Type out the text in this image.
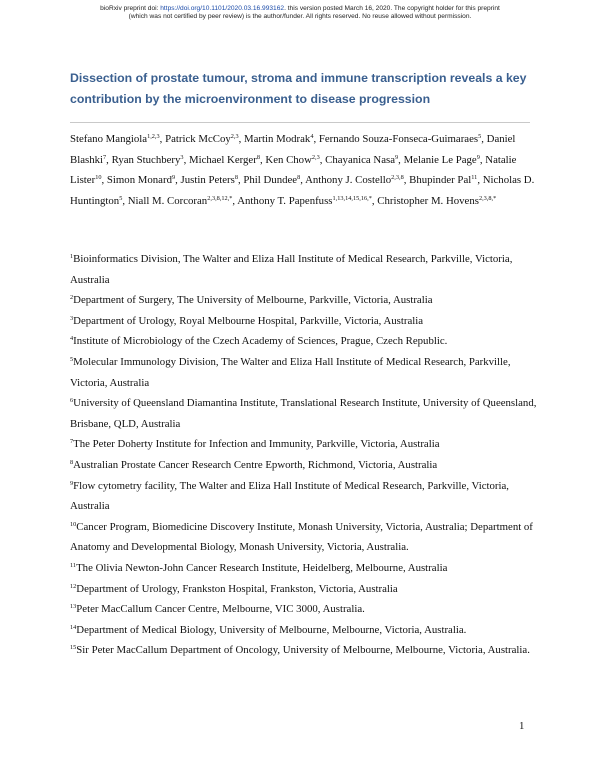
bioRxiv preprint doi: https://doi.org/10.1101/2020.03.16.993162. this version posted March 16, 2020. The copyright holder for this preprint
(which was not certified by peer review) is the author/funder. All rights reserved. No reuse allowed without permission.
Dissection of prostate tumour, stroma and immune transcription reveals a key contribution by the microenvironment to disease progression

Stefano Mangiola$^{1,2,3}$, Patrick McCoy$^{2,3}$, Martin Modrak$^4$, Fernando Souza-Fonseca-Guimaraes$^5$, Daniel Blashki$^7$, Ryan Stuchbery$^3$, Michael Kerger$^8$, Ken Chow$^{2,3}$, Chayanica Nasa$^9$, Melanie Le Page$^9$, Natalie Lister$^{10}$, Simon Monard$^9$, Justin Peters$^8$, Phil Dundee$^8$, Anthony J. Costello$^{2,3,8}$, Bhupinder Pal$^{11}$, Nicholas D. Huntington$^5$, Niall M. Corcoran$^{2,3,8,12,*}$, Anthony T. Papenfuss$^{1,13,14,15,16,*}$, Christopher M. Hovens$^{2,3,8,*}$

$^1$Bioinformatics Division, The Walter and Eliza Hall Institute of Medical Research, Parkville, Victoria, Australia

$^2$Department of Surgery, The University of Melbourne, Parkville, Victoria, Australia

$^3$Department of Urology, Royal Melbourne Hospital, Parkville, Victoria, Australia

$^4$Institute of Microbiology of the Czech Academy of Sciences, Prague, Czech Republic.

$^5$Molecular Immunology Division, The Walter and Eliza Hall Institute of Medical Research, Parkville, Victoria, Australia

$^6$University of Queensland Diamantina Institute, Translational Research Institute, University of Queensland, Brisbane, QLD, Australia

$^7$The Peter Doherty Institute for Infection and Immunity, Parkville, Victoria, Australia

$^8$Australian Prostate Cancer Research Centre Epworth, Richmond, Victoria, Australia

$^9$Flow cytometry facility, The Walter and Eliza Hall Institute of Medical Research, Parkville, Victoria, Australia

$^{10}$Cancer Program, Biomedicine Discovery Institute, Monash University, Victoria, Australia; Department of Anatomy and Developmental Biology, Monash University, Victoria, Australia.

$^{11}$The Olivia Newton-John Cancer Research Institute, Heidelberg, Melbourne, Australia

$^{12}$Department of Urology, Frankston Hospital, Frankston, Victoria, Australia

$^{13}$Peter MacCallum Cancer Centre, Melbourne, VIC 3000, Australia.

$^{14}$Department of Medical Biology, University of Melbourne, Melbourne, Victoria, Australia.

$^{15}$Sir Peter MacCallum Department of Oncology, University of Melbourne, Melbourne, Victoria, Australia.

1
